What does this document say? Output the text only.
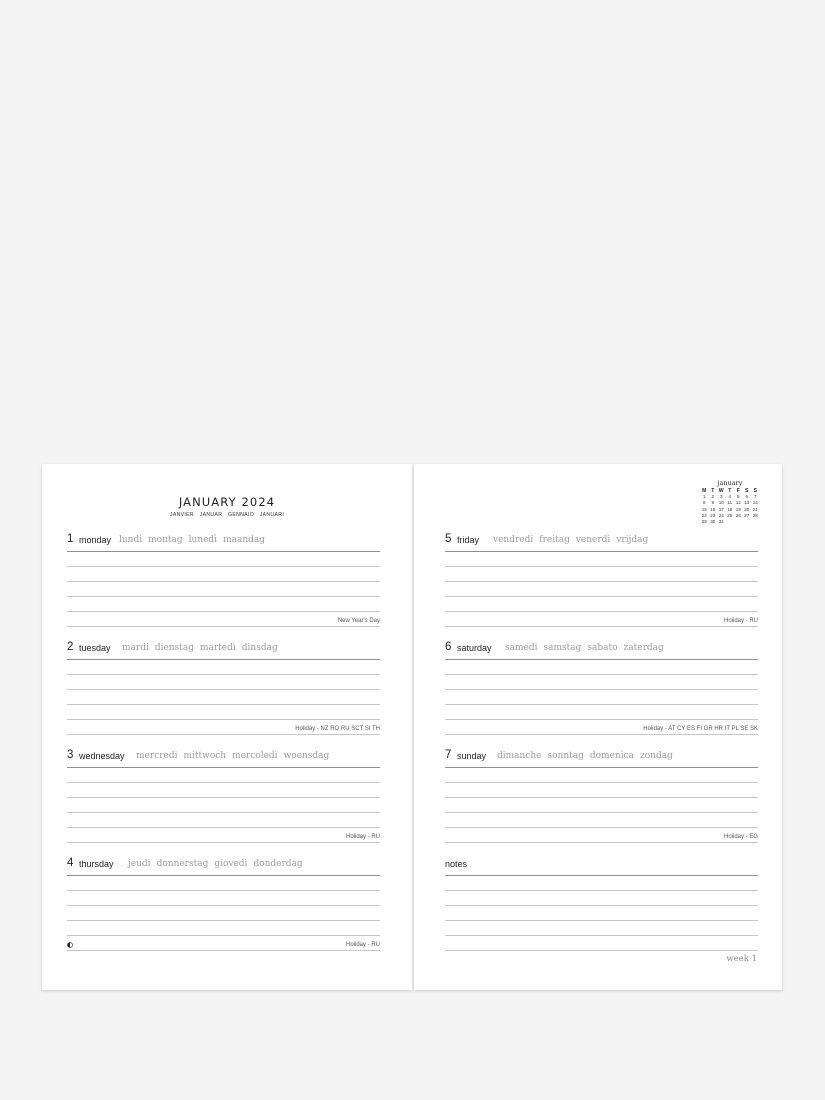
JANUARY 2024
JANVIER JANUAR GENNAIO JANUARI
1 monday lundi montag lunedì maandag
New Year's Day
2 tuesday mardi dienstag martedì dinsdag
Holiday - NZ RO RU SCT SI TH
3 wednesday mercredi mittwoch mercoledì woensdag
Holiday - RU
4 thursday jeudi donnerstag giovedì donderdag
Holiday - RU
january
M T W T	F	S	S
1	2	3	4	5	6	7
8	9	10 11 12 13 14
15 16 17 18 19 20 21
22 23 24 25 26 27 28
29 30 31
5 friday vendredi freitag venerdì vrijdag
Holiday - RU
6 saturday samedi samstag sabato zaterdag
Holiday - AT CY ES FI GR HR IT PL SE SK
7 sunday dimanche sonntag domenica zondag
Holiday - EG
notes
week 1
